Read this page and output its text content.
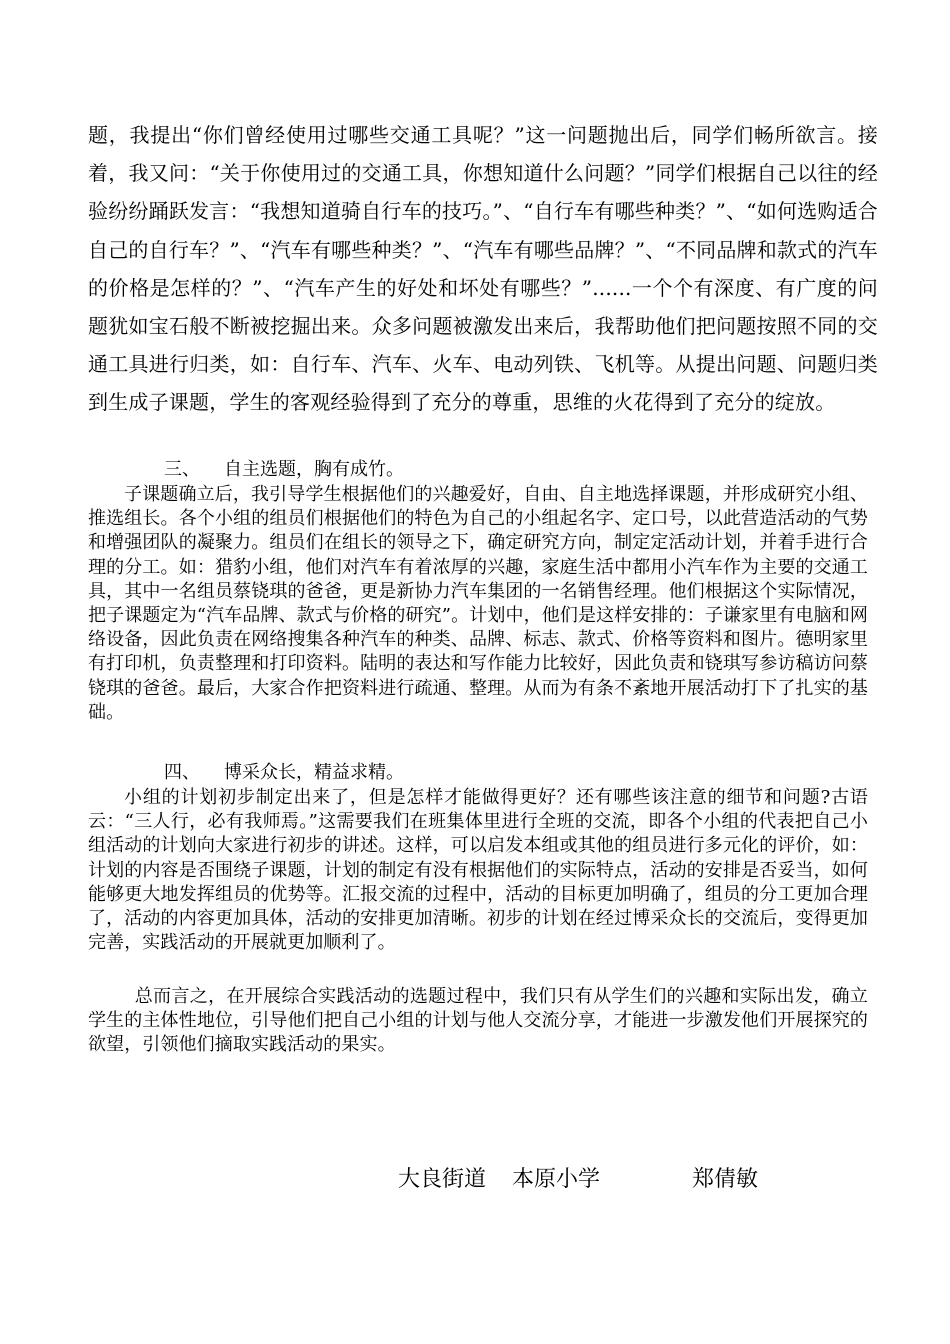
题，我提出“你们曾经使用过哪些交通工具呢？”这一问题抛出后，同学们畅所欲言。接着，我又问：“关于你使用过的交通工具，你想知道什么问题？”同学们根据自己以往的经验纷纷踊跃发言：“我想知道骑自行车的技巧。”、“自行车有哪些种类？”、“如何选购适合自己的自行车？”、“汽车有哪些种类？”、“汽车有哪些品牌？”、“不同品牌和款式的汽车的价格是怎样的？”、“汽车产生的好处和坏处有哪些？”......一个个有深度、有广度的问题犹如宝石般不断被挖掘出来。众多问题被激发出来后，我帮助他们把问题按照不同的交通工具进行归类，如：自行车、汽车、火车、电动列铁、飞机等。从提出问题、问题归类到生成子课题，学生的客观经验得到了充分的尊重，思维的火花得到了充分的绽放。

三、 自主选题，胸有成竹。

子课题确立后，我引导学生根据他们的兴趣爱好，自由、自主地选择课题，并形成研究小组、推选组长。各个小组的组员们根据他们的特色为自己的小组起名字、定口号，以此营造活动的气势和增强团队的凝聚力。组员们在组长的领导之下，确定研究方向，制定定活动计划，并着手进行合理的分工。如：猎豹小组，他们对汽车有着浓厚的兴趣，家庭生活中都用小汽车作为主要的交通工具，其中一名组员蔡铙琪的爸爸，更是新协力汽车集团的一名销售经理。他们根据这个实际情况，把子课题定为“汽车品牌、款式与价格的研究”。计划中，他们是这样安排的：子谦家里有电脑和网络设备，因此负责在网络搜集各种汽车的种类、品牌、标志、款式、价格等资料和图片。德明家里有打印机，负责整理和打印资料。陆明的表达和写作能力比较好，因此负责和铙琪写参访稿访问蔡铙琪的爸爸。最后，大家合作把资料进行疏通、整理。从而为有条不紊地开展活动打下了扎实的基础。

四、 博采众长，精益求精。

小组的计划初步制定出来了，但是怎样才能做得更好？还有哪些该注意的细节和问题?古语云：“三人行，必有我师焉。”这需要我们在班集体里进行全班的交流，即各个小组的代表把自己小组活动的计划向大家进行初步的讲述。这样，可以启发本组或其他的组员进行多元化的评价，如：计划的内容是否围绕子课题，计划的制定有没有根据他们的实际特点，活动的安排是否妥当，如何能够更大地发挥组员的优势等。汇报交流的过程中，活动的目标更加明确了，组员的分工更加合理了，活动的内容更加具体，活动的安排更加清晰。初步的计划在经过博采众长的交流后，变得更加完善，实践活动的开展就更加顺利了。

总而言之，在开展综合实践活动的选题过程中，我们只有从学生们的兴趣和实际出发，确立学生的主体性地位，引导他们把自己小组的计划与他人交流分享，才能进一步激发他们开展探究的欲望，引领他们摘取实践活动的果实。

大良街道 本原小学	郑倩敏
